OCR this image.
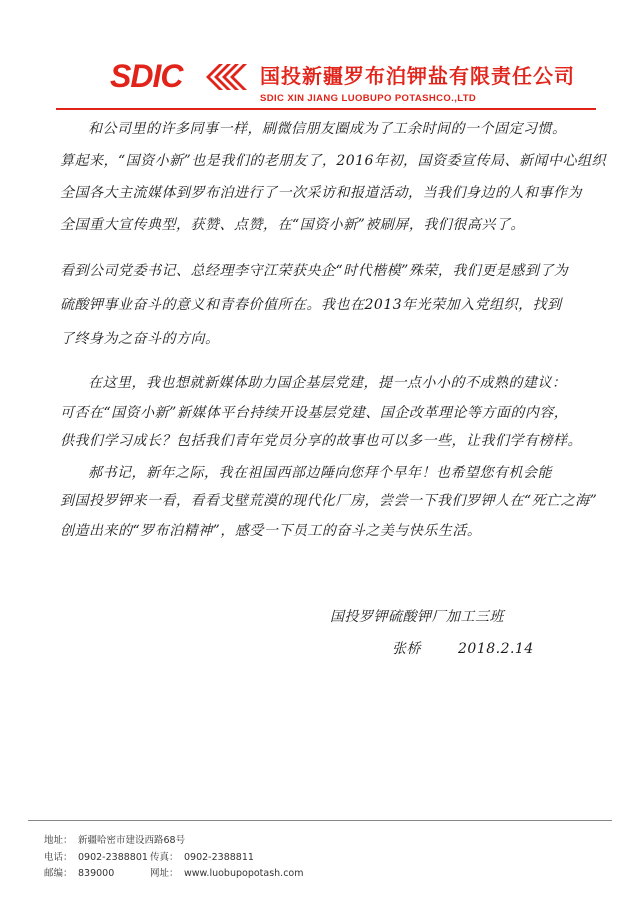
SDIC	国投新疆罗布泊钾盐有限责任公司
SDIC XIN JIANG LUOBUPO POTASHCO.,LTD
和公司里的许多同事一样，刷微信朋友圈成为了工余时间的一个固定习惯。
算起来，“国资小新”也是我们的老朋友了，2016年初，国资委宣传局、新闻中心组织
全国各大主流媒体到罗布泊进行了一次采访和报道活动，当我们身边的人和事作为
全国重大宣传典型，获赞、点赞，在“国资小新”被刷屏，我们很高兴了。
看到公司党委书记、总经理李守江荣获央企“时代楷模”殊荣，我们更是感到了为
硫酸钾事业奋斗的意义和青春价值所在。我也在2013年光荣加入党组织，找到
了终身为之奋斗的方向。
在这里，我也想就新媒体助力国企基层党建，提一点小小的不成熟的建议：
可否在“国资小新”新媒体平台持续开设基层党建、国企改革理论等方面的内容，
供我们学习成长？包括我们青年党员分享的故事也可以多一些，让我们学有榜样。
郝书记，新年之际，我在祖国西部边陲向您拜个早年！也希望您有机会能
到国投罗钾来一看，看看戈壁荒漠的现代化厂房，尝尝一下我们罗钾人在“死亡之海”
创造出来的“罗布泊精神”，感受一下员工的奋斗之美与快乐生活。
国投罗钾硫酸钾厂加工三班
张桥	2018.2.14
地址： 新疆哈密市建设西路68号
电话： 0902-2388801 传真： 0902-2388811
邮编： 839000	网址： www.luobupopotash.com
